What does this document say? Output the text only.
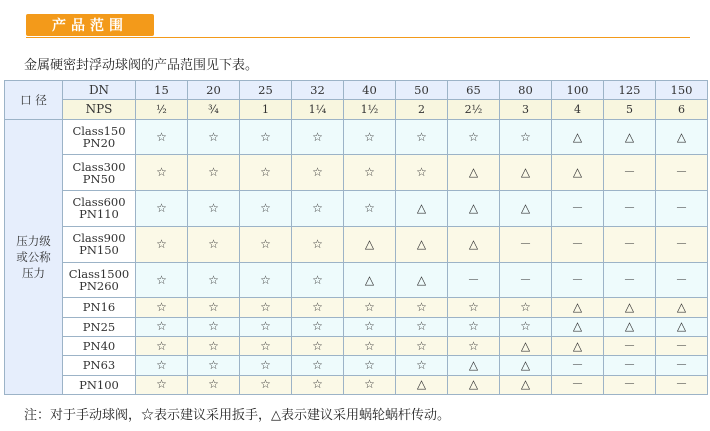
产品范围
金属硬密封浮动球阀的产品范围见下表。
口 径	DN	15	20	25	32	40	50	65	80	100	125	150
	NPS	½	¾	1	1¼	1½	2	2½	3	4	5	6
压力级或公称压力	Class150 PN20	☆	☆	☆	☆	☆	☆	☆	☆	△	△	△
	Class300 PN50	☆	☆	☆	☆	☆	☆	△	△	△	－	－
	Class600 PN110	☆	☆	☆	☆	☆	△	△	△	－	－	－
	Class900 PN150	☆	☆	☆	☆	△	△	△	－	－	－	－
	Class1500 PN260	☆	☆	☆	☆	△	△	－	－	－	－	－
	PN16	☆	☆	☆	☆	☆	☆	☆	☆	△	△	△
	PN25	☆	☆	☆	☆	☆	☆	☆	☆	△	△	△
	PN40	☆	☆	☆	☆	☆	☆	☆	△	△	－	－
	PN63	☆	☆	☆	☆	☆	☆	△	△	－	－	－
	PN100	☆	☆	☆	☆	☆	△	△	△	－	－	－
注：对于手动球阀，☆表示建议采用扳手，△表示建议采用蜗轮蜗杆传动。
